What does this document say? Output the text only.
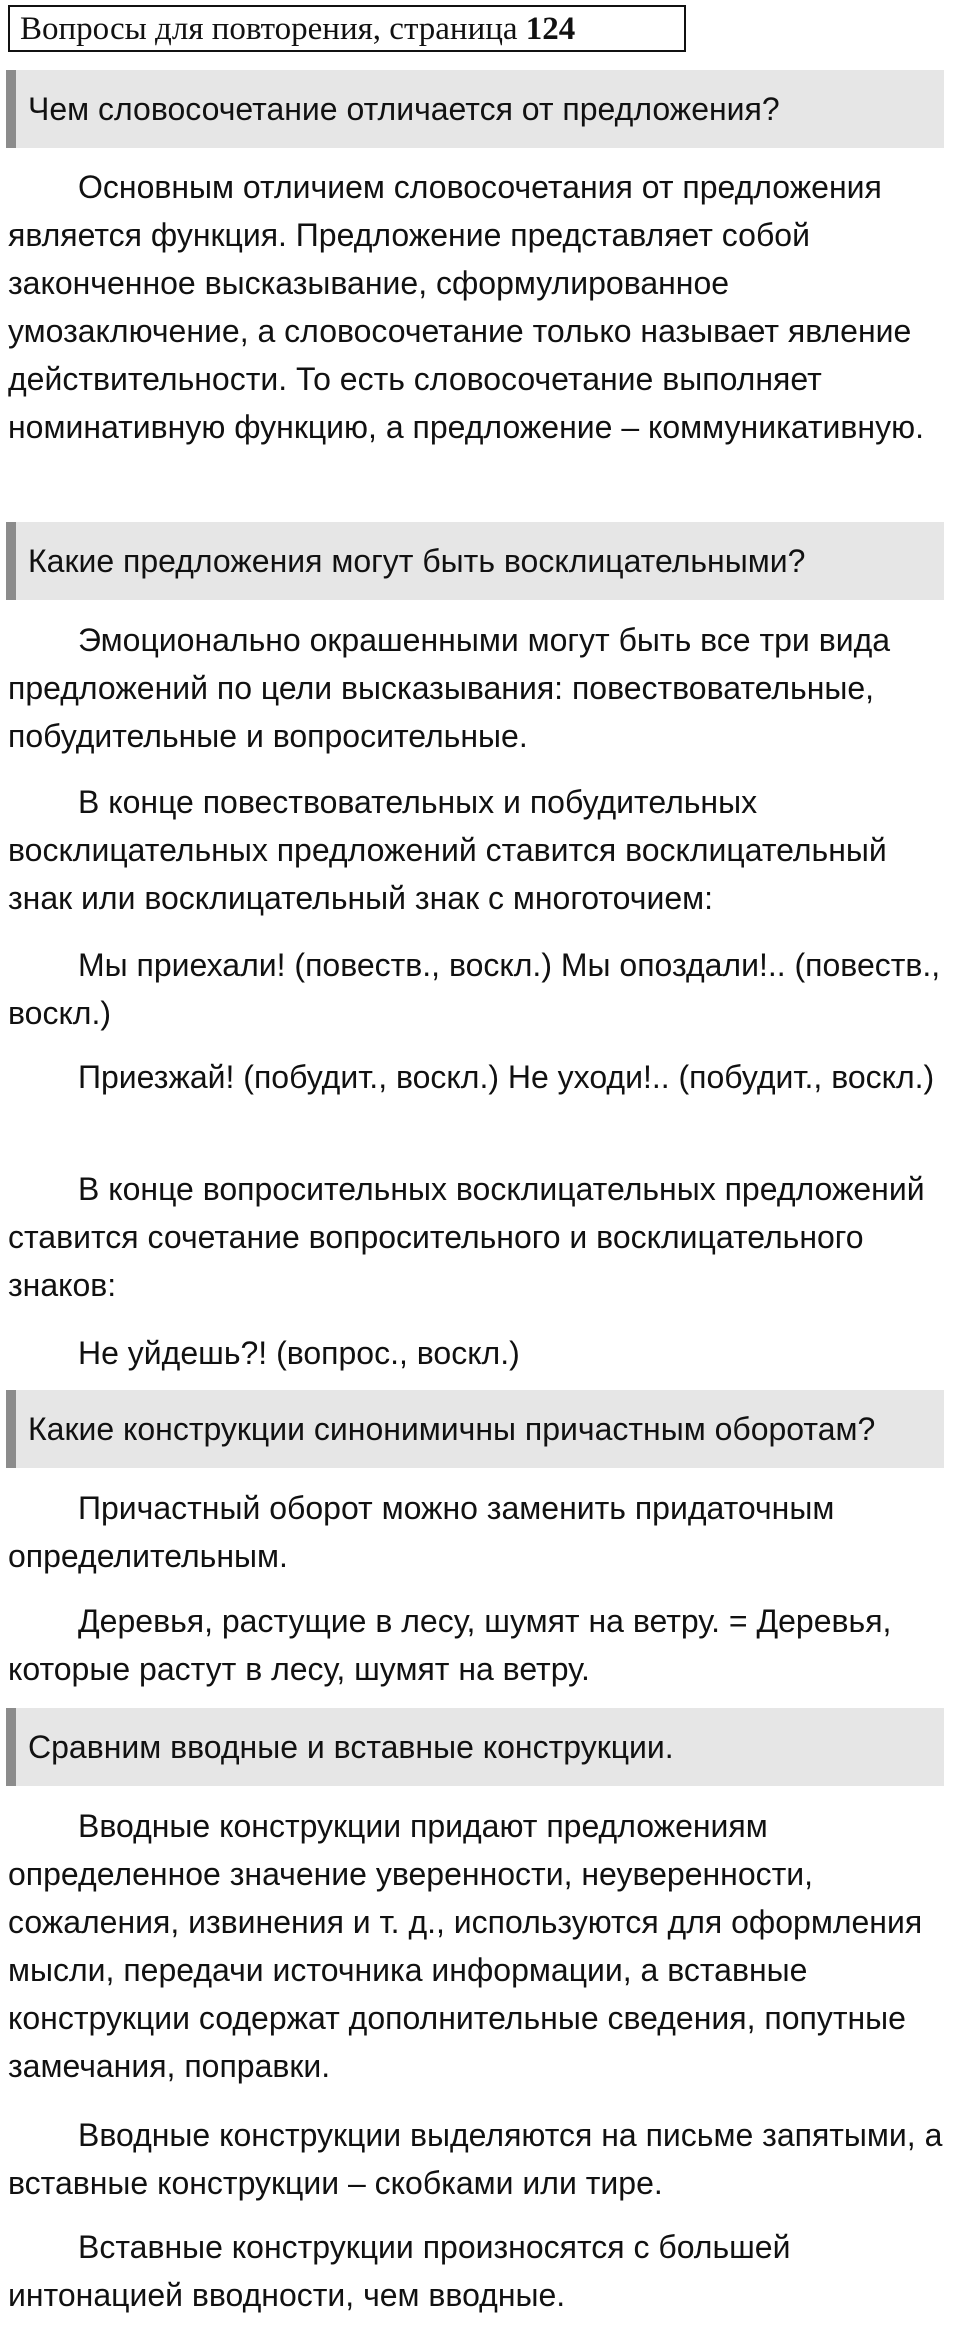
Вопросы для повторения, страница 124
Чем словосочетание отличается от предложения?
Основным отличием словосочетания от предложения является функция. Предложение представляет собой законченное высказывание, сформулированное умозаключение, а словосочетание только называет явление действительности. То есть словосочетание выполняет номинативную функцию, а предложение – коммуникативную.
Какие предложения могут быть восклицательными?
Эмоционально окрашенными могут быть все три вида предложений по цели высказывания: повествовательные, побудительные и вопросительные.
В конце повествовательных и побудительных восклицательных предложений ставится восклицательный знак или восклицательный знак с многоточием:
Мы приехали! (повеств., воскл.) Мы опоздали!.. (повеств., воскл.)
Приезжай! (побудит., воскл.) Не уходи!.. (побудит., воскл.)
В конце вопросительных восклицательных предложений ставится сочетание вопросительного и восклицательного знаков:
Не уйдешь?! (вопрос., воскл.)
Какие конструкции синонимичны причастным оборотам?
Причастный оборот можно заменить придаточным определительным.
Деревья, растущие в лесу, шумят на ветру. = Деревья, которые растут в лесу, шумят на ветру.
Сравним вводные и вставные конструкции.
Вводные конструкции придают предложениям определенное значение уверенности, неуверенности, сожаления, извинения и т. д., используются для оформления мысли, передачи источника информации, а вставные конструкции содержат дополнительные сведения, попутные замечания, поправки.
Вводные конструкции выделяются на письме запятыми, а вставные конструкции – скобками или тире.
Вставные конструкции произносятся с большей интонацией вводности, чем вводные.
